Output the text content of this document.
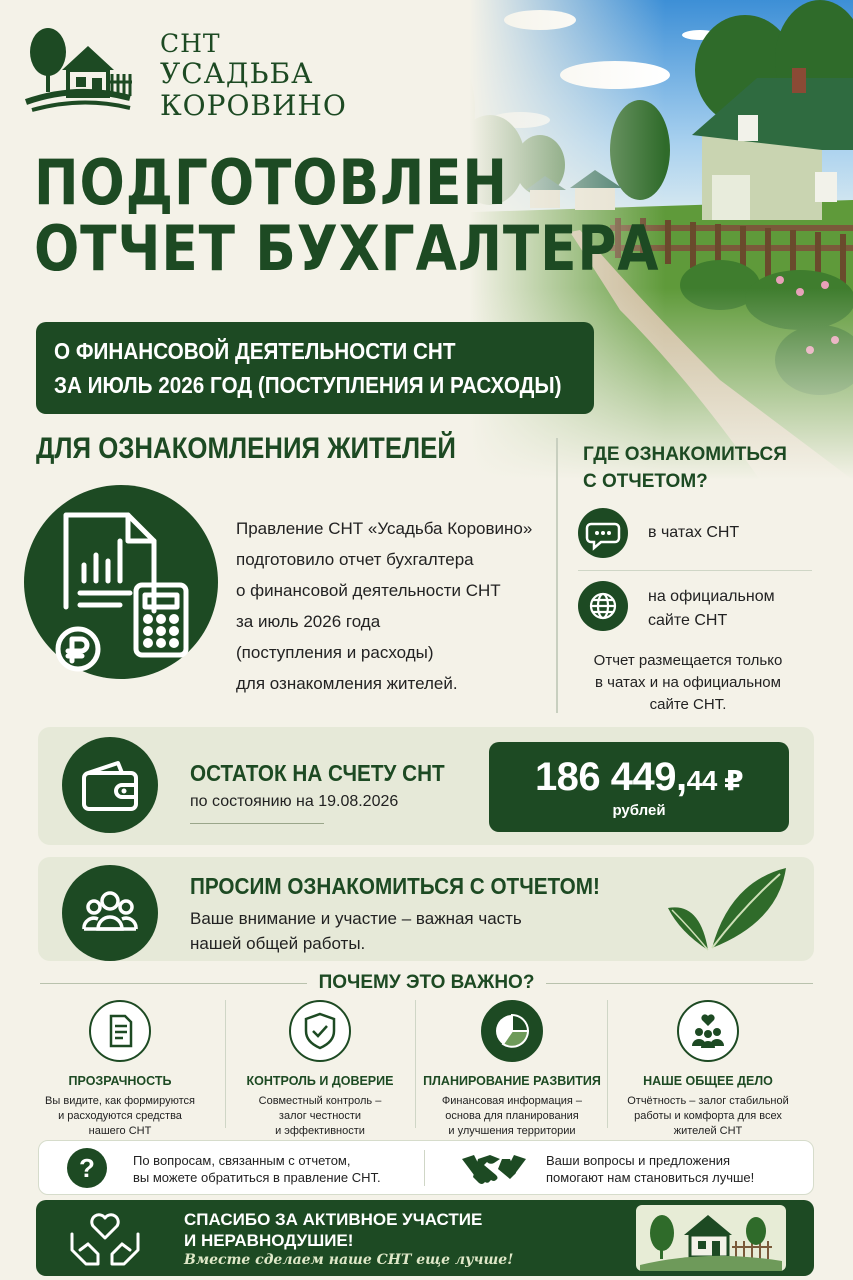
СНТ
УСАДЬБА
КОРОВИНО
ПОДГОТОВЛЕН
ОТЧЕТ БУХГАЛТЕРА
О ФИНАНСОВОЙ ДЕЯТЕЛЬНОСТИ СНТ
ЗА ИЮЛЬ 2026 ГОД (ПОСТУПЛЕНИЯ И РАСХОДЫ)
ДЛЯ ОЗНАКОМЛЕНИЯ ЖИТЕЛЕЙ
Правление СНТ «Усадьба Коровино»
подготовило отчет бухгалтера
о финансовой деятельности СНТ
за июль 2026 года
(поступления и расходы)
для ознакомления жителей.
ГДЕ ОЗНАКОМИТЬСЯ
С ОТЧЕТОМ?
в чатах СНТ
на официальном
сайте СНТ
Отчет размещается только
в чатах и на официальном
сайте СНТ.
ОСТАТОК НА СЧЕТУ СНТ
по состоянию на 19.08.2026
186 449,44 ₽
рублей
ПРОСИМ ОЗНАКОМИТЬСЯ С ОТЧЕТОМ!
Ваше внимание и участие – важная часть
нашей общей работы.
ПОЧЕМУ ЭТО ВАЖНО?
ПРОЗРАЧНОСТЬ
Вы видите, как формируются
и расходуются средства
нашего СНТ
КОНТРОЛЬ И ДОВЕРИЕ
Совместный контроль –
залог честности
и эффективности
ПЛАНИРОВАНИЕ РАЗВИТИЯ
Финансовая информация –
основа для планирования
и улучшения территории
НАШЕ ОБЩЕЕ ДЕЛО
Отчётность – залог стабильной
работы и комфорта для всех
жителей СНТ
?	По вопросам, связанным с отчетом,
вы можете обратиться в правление СНТ.
Ваши вопросы и предложения
помогают нам становиться лучше!
СПАСИБО ЗА АКТИВНОЕ УЧАСТИЕ
И НЕРАВНОДУШИЕ!
Вместе сделаем наше СНТ еще лучше!
